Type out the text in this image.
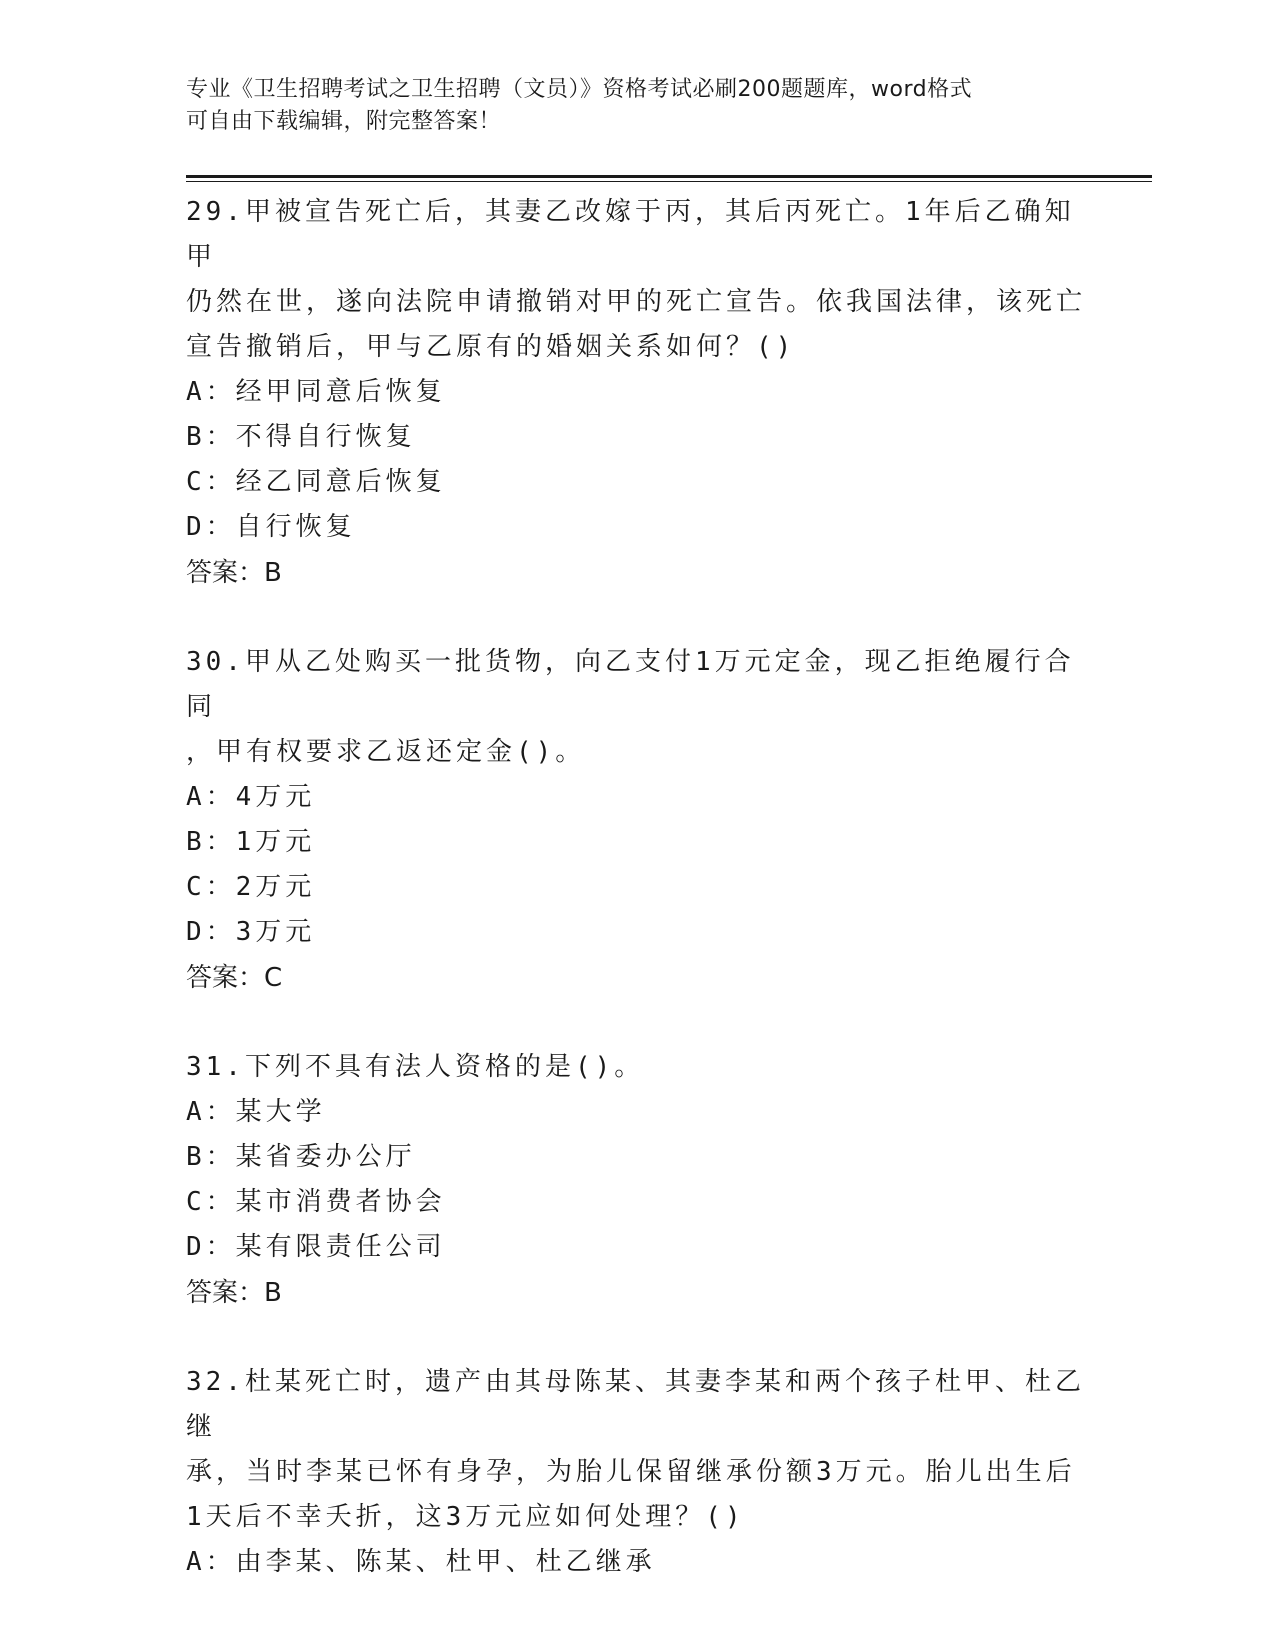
专业《卫生招聘考试之卫生招聘（文员）》资格考试必刷200题题库，word格式
可自由下载编辑，附完整答案！

29.甲被宣告死亡后，其妻乙改嫁于丙，其后丙死亡。1年后乙确知甲

仍然在世，遂向法院申请撤销对甲的死亡宣告。依我国法律，该死亡

宣告撤销后，甲与乙原有的婚姻关系如何？()

A：经甲同意后恢复

B：不得自行恢复

C：经乙同意后恢复

D：自行恢复

答案：B

30.甲从乙处购买一批货物，向乙支付1万元定金，现乙拒绝履行合同

，甲有权要求乙返还定金()。

A：4万元

B：1万元

C：2万元

D：3万元

答案：C

31.下列不具有法人资格的是()。

A：某大学

B：某省委办公厅

C：某市消费者协会

D：某有限责任公司

答案：B

32.杜某死亡时，遗产由其母陈某、其妻李某和两个孩子杜甲、杜乙继

承，当时李某已怀有身孕，为胎儿保留继承份额3万元。胎儿出生后

1天后不幸夭折，这3万元应如何处理？()

A：由李某、陈某、杜甲、杜乙继承
